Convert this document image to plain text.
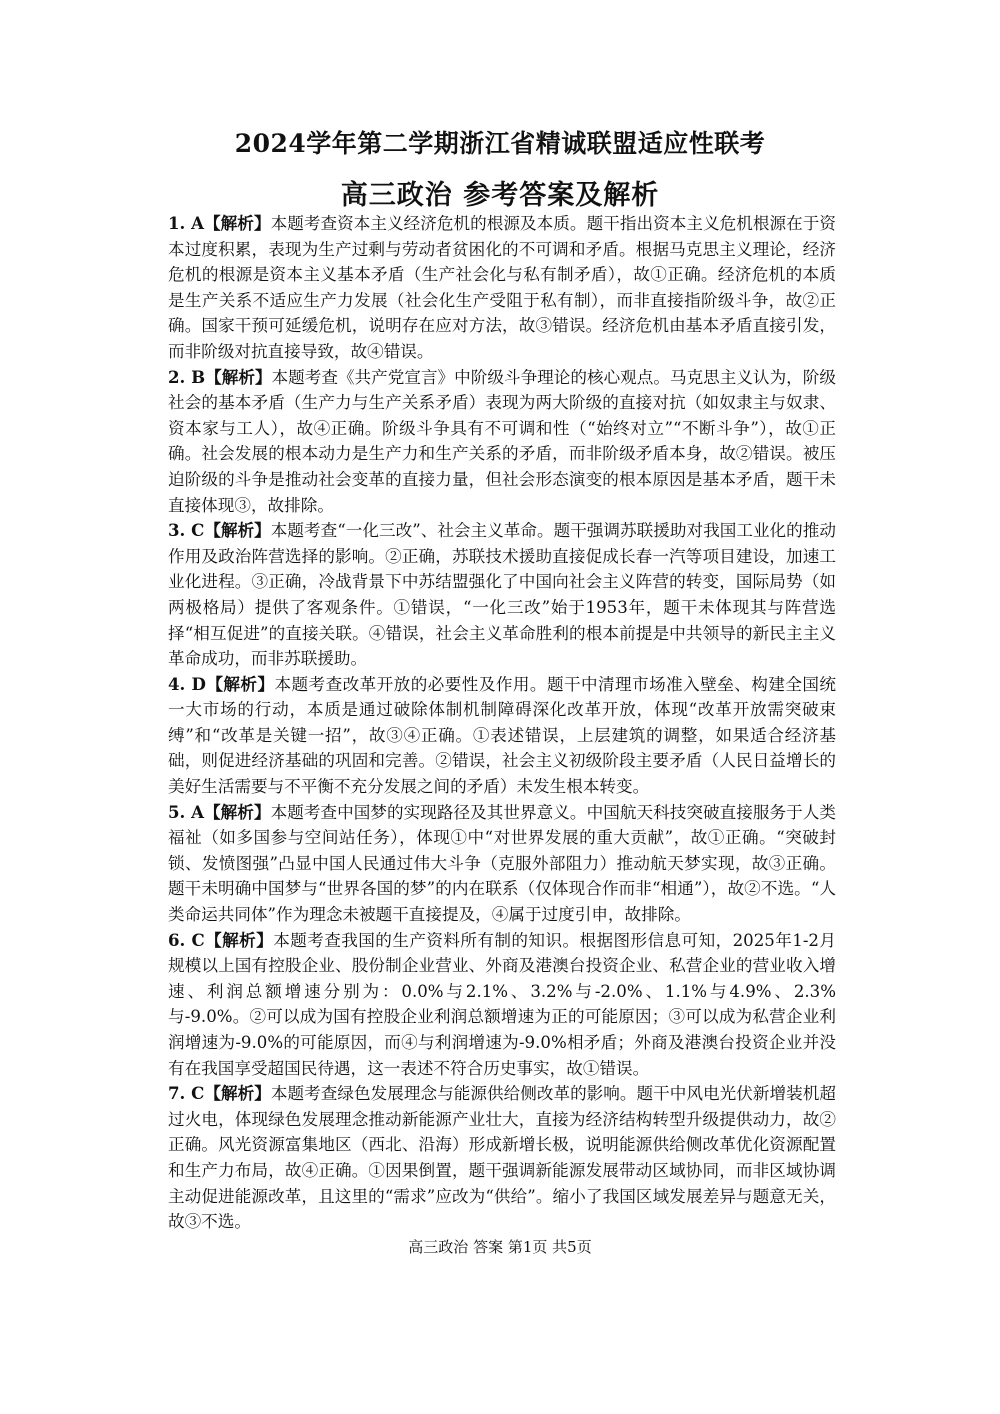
2024学年第二学期浙江省精诚联盟适应性联考
高三政治 参考答案及解析

1. A【解析】本题考查资本主义经济危机的根源及本质。题干指出资本主义危机根源在于资本过度积累，表现为生产过剩与劳动者贫困化的不可调和矛盾。根据马克思主义理论，经济危机的根源是资本主义基本矛盾（生产社会化与私有制矛盾），故①正确。经济危机的本质是生产关系不适应生产力发展（社会化生产受阻于私有制），而非直接指阶级斗争，故②正确。国家干预可延缓危机，说明存在应对方法，故③错误。经济危机由基本矛盾直接引发，而非阶级对抗直接导致，故④错误。

2. B【解析】本题考查《共产党宣言》中阶级斗争理论的核心观点。马克思主义认为，阶级社会的基本矛盾（生产力与生产关系矛盾）表现为两大阶级的直接对抗（如奴隶主与奴隶、资本家与工人），故④正确。阶级斗争具有不可调和性（“始终对立”“不断斗争”），故①正确。社会发展的根本动力是生产力和生产关系的矛盾，而非阶级矛盾本身，故②错误。被压迫阶级的斗争是推动社会变革的直接力量，但社会形态演变的根本原因是基本矛盾，题干未直接体现③，故排除。

3. C【解析】本题考查“一化三改”、社会主义革命。题干强调苏联援助对我国工业化的推动作用及政治阵营选择的影响。②正确，苏联技术援助直接促成长春一汽等项目建设，加速工业化进程。③正确，冷战背景下中苏结盟强化了中国向社会主义阵营的转变，国际局势（如两极格局）提供了客观条件。①错误，“一化三改”始于1953年，题干未体现其与阵营选择“相互促进”的直接关联。④错误，社会主义革命胜利的根本前提是中共领导的新民主主义革命成功，而非苏联援助。

4. D【解析】本题考查改革开放的必要性及作用。题干中清理市场准入壁垒、构建全国统一大市场的行动，本质是通过破除体制机制障碍深化改革开放，体现“改革开放需突破束缚”和“改革是关键一招”，故③④正确。①表述错误，上层建筑的调整，如果适合经济基础，则促进经济基础的巩固和完善。②错误，社会主义初级阶段主要矛盾（人民日益增长的美好生活需要与不平衡不充分发展之间的矛盾）未发生根本转变。

5. A【解析】本题考查中国梦的实现路径及其世界意义。中国航天科技突破直接服务于人类福祉（如多国参与空间站任务），体现①中“对世界发展的重大贡献”，故①正确。“突破封锁、发愤图强”凸显中国人民通过伟大斗争（克服外部阻力）推动航天梦实现，故③正确。题干未明确中国梦与“世界各国的梦”的内在联系（仅体现合作而非“相通”），故②不选。“人类命运共同体”作为理念未被题干直接提及，④属于过度引申，故排除。

6. C【解析】本题考查我国的生产资料所有制的知识。根据图形信息可知，2025年1-2月规模以上国有控股企业、股份制企业营业、外商及港澳台投资企业、私营企业的营业收入增速、利润总额增速分别为：0.0%与2.1%、3.2%与-2.0%、1.1%与4.9%、2.3%与-9.0%。②可以成为国有控股企业利润总额增速为正的可能原因；③可以成为私营企业利润增速为-9.0%的可能原因，而④与利润增速为-9.0%相矛盾；外商及港澳台投资企业并没有在我国享受超国民待遇，这一表述不符合历史事实，故①错误。

7. C【解析】本题考查绿色发展理念与能源供给侧改革的影响。题干中风电光伏新增装机超过火电，体现绿色发展理念推动新能源产业壮大，直接为经济结构转型升级提供动力，故②正确。风光资源富集地区（西北、沿海）形成新增长极，说明能源供给侧改革优化资源配置和生产力布局，故④正确。①因果倒置，题干强调新能源发展带动区域协同，而非区域协调主动促进能源改革，且这里的“需求”应改为“供给”。缩小了我国区域发展差异与题意无关，故③不选。

高三政治 答案 第1页 共5页
